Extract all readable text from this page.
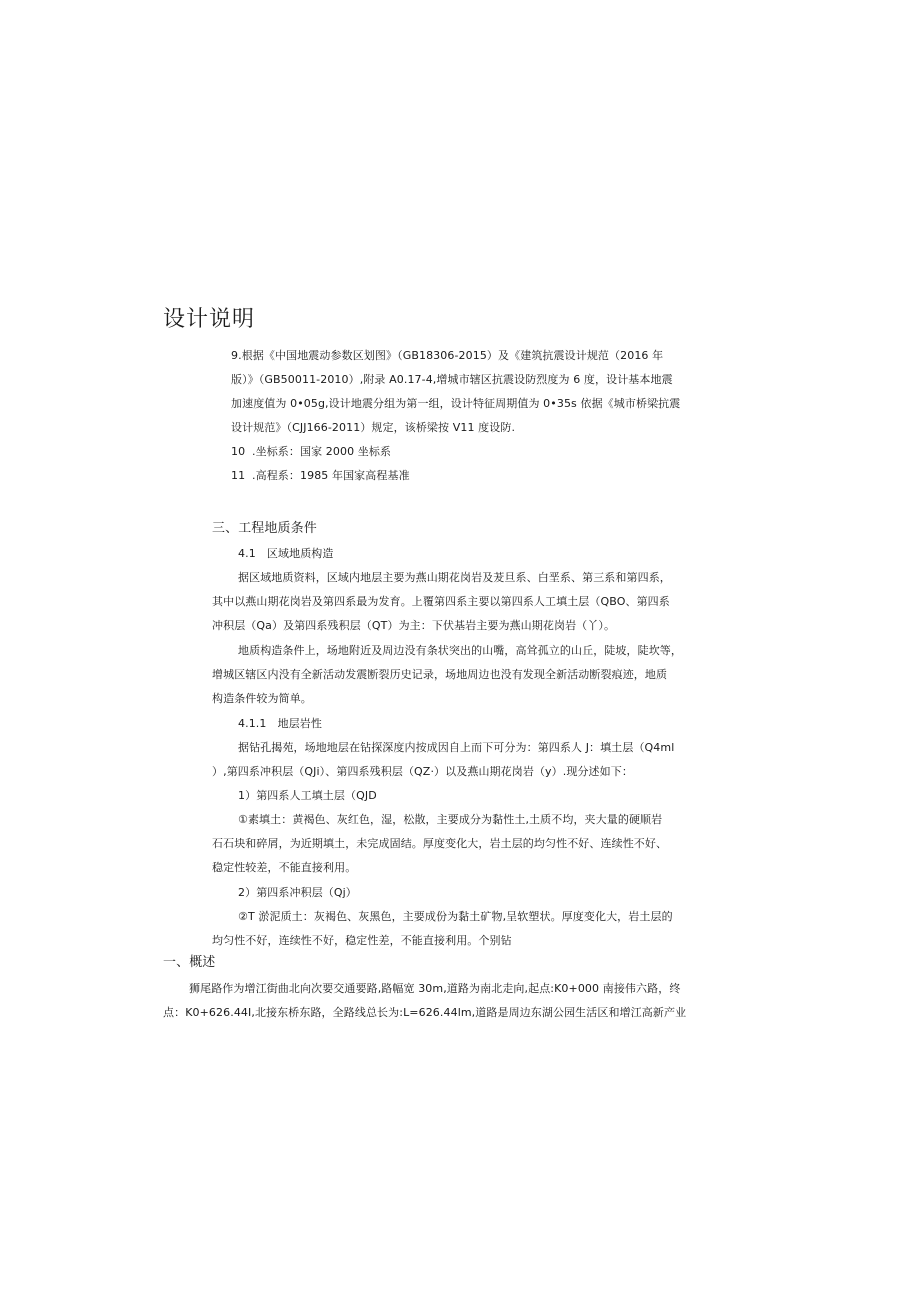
设计说明
9.根据《中国地震动参数区划图》（GB18306-2015）及《建筑抗震设计规范（2016 年
版）》（GB50011-2010）,附录 A0.17-4,增城市辖区抗震设防烈度为 6 度，设计基本地震
加速度值为 0•05g,设计地震分组为第一组，设计特征周期值为 0•35s 依据《城市桥梁抗震
设计规范》（CJJ166-2011）规定，该桥梁按 V11 度设防.
10 .坐标系：国家 2000 坐标系
11 .高程系：1985 年国家高程基准
三、工程地质条件
4.1　区域地质构造
据区域地质资料，区域内地层主要为燕山期花岗岩及茇旦系、白垩系、第三系和第四系，
其中以燕山期花岗岩及第四系最为发育。上覆第四系主要以第四系人工填土层（QBO、第四系
冲积层（Qa）及第四系残积层（QT）为主：下伏基岩主要为燕山期花岗岩（丫）。
地质构造条件上，场地附近及周边没有条状突出的山嘴，高耸孤立的山丘，陡坡，陡坎等，
增城区辖区内没有全新活动发震断裂历史记录，场地周边也没有发现全新活动断裂痕迹，地质
构造条件较为简单。
4.1.1　地层岩性
据钻孔揭苑，场地地层在钻探深度内按成因自上而下可分为：第四系人 J：填土层（Q4ml
）,第四系冲积层（QJi）、第四系残积层（QZ·）以及燕山期花岗岩（y）.现分述如下：
1）第四系人工填土层（QJD
①素填土：黄褐色、灰红色，湿，松散，主要成分为黏性土,土质不均，夹大量的硬顺岩
石石块和碎屑，为近期填土，未完成固结。厚度变化大，岩土层的均匀性不好、连续性不好、
稳定性较差，不能直接利用。
2）第四系冲积层（Qj）
②T 淤泥质土：灰褐色、灰黑色，主要成份为黏土矿物,呈软塑状。厚度变化大，岩土层的
均匀性不好，连续性不好，稳定性差，不能直接利用。个别钻
一、概述
狮尾路作为增江街曲北向次要交通要路,路幅宽 30m,道路为南北走向,起点:K0+000 南接伟六路，终
点：K0+626.44I,北接东桥东路，全路线总长为:L=626.44lm,道路是周边东湖公园生活区和增江高新产业
